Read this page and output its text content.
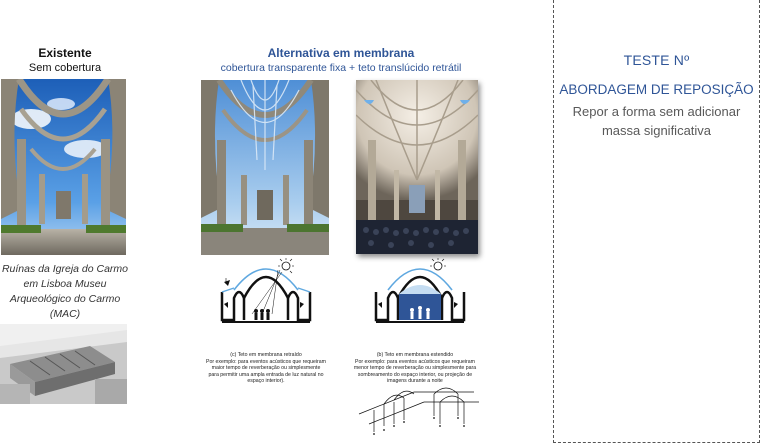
Existente
Sem cobertura
Ruínas da Igreja do Carmo em Lisboa Museu Arqueológico do Carmo (MAC)
Alternativa em membrana
cobertura transparente fixa + teto translúcido retrátil
(c) Teto em membrana retraído
Por exemplo: para eventos acústicos que requeiram maior tempo de reverberação ou simplesmente para permitir uma ampla entrada de luz natural no espaço interior).
(b) Teto em membrana estendido
Por exemplo: para eventos acústicos que requeiram menor tempo de reverberação ou simplesmente para sombreamento do espaço interior, ou projeção de imagens durante a noite
TESTE Nº
ABORDAGEM DE REPOSIÇÃO
Repor a forma sem adicionar massa significativa
